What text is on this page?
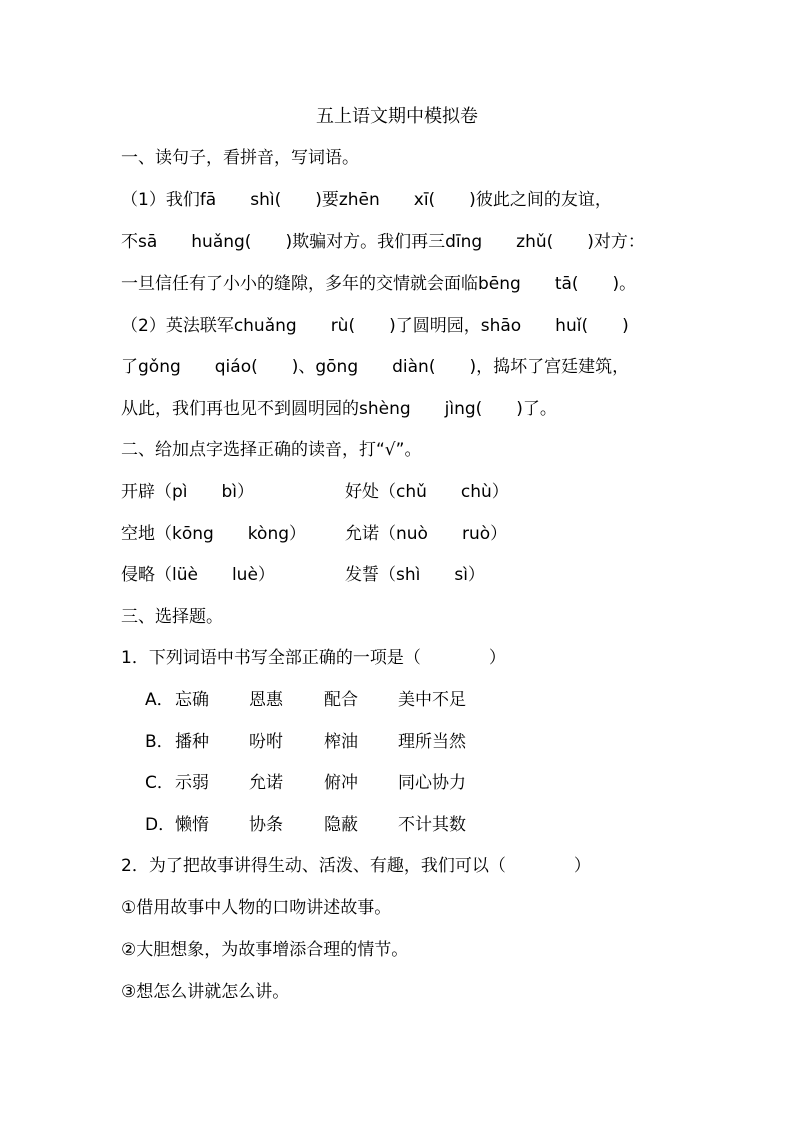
五上语文期中模拟卷
一、读句子，看拼音，写词语。
（1）我们fā　　shì(　　)要zhēn　　xī(　　)彼此之间的友谊，
不sā　　huǎng(　　)欺骗对方。我们再三dīng　　zhǔ(　　)对方：
一旦信任有了小小的缝隙，多年的交情就会面临bēng　　tā(　　)。
（2）英法联军chuǎng　　rù(　　)了圆明园，shāo　　huǐ(　　)
了gǒng　　qiáo(　　)、gōng　　diàn(　　)，捣坏了宫廷建筑，
从此，我们再也见不到圆明园的shèng　　jìng(　　)了。
二、给加点字选择正确的读音，打“√”。
开辟（pì　　bì）	好处（chǔ　　chù）
空地（kōng　　kòng） 允诺（nuò　　ruò）
侵略（lüè　　luè）	发誓（shì　　sì）
三、选择题。
1．下列词语中书写全部正确的一项是（　　　　）
A． 忘确 恩惠 配合 美中不足
B． 播种 吩咐 榨油 理所当然
C． 示弱 允诺 俯冲 同心协力
D． 懒惰 协条 隐蔽 不计其数
2．为了把故事讲得生动、活泼、有趣，我们可以（　　　　）
①借用故事中人物的口吻讲述故事。
②大胆想象，为故事增添合理的情节。
③想怎么讲就怎么讲。
